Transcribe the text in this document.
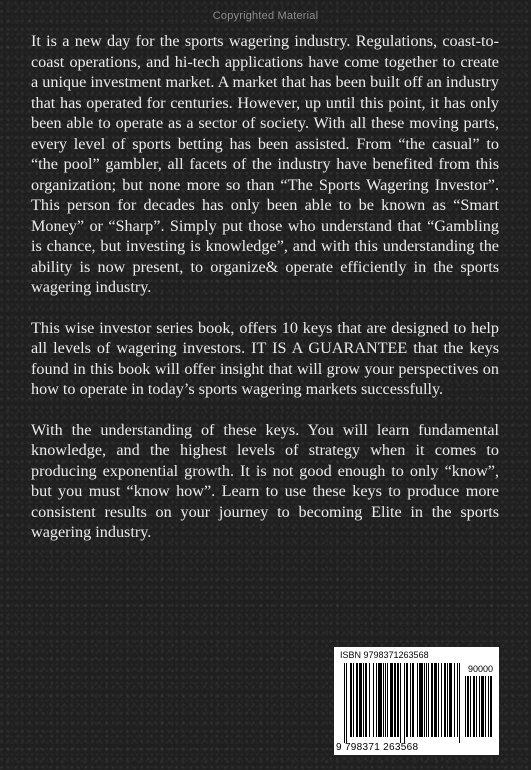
Copyrighted Material

It is a new day for the sports wagering industry. Regulations, coast-to-coast operations, and hi-tech applications have come together to create a unique investment market. A market that has been built off an industry that has operated for centuries. However, up until this point, it has only been able to operate as a sector of society. With all these moving parts, every level of sports betting has been assisted. From “the casual” to “the pool” gambler, all facets of the industry have benefited from this organization; but none more so than “The Sports Wagering Investor”. This person for decades has only been able to be known as “Smart Money” or “Sharp”. Simply put those who understand that “Gambling is chance, but investing is knowledge”, and with this understanding the ability is now present, to organize& operate efficiently in the sports wagering industry.

This wise investor series book, offers 10 keys that are designed to help all levels of wagering investors. IT IS A GUARANTEE that the keys found in this book will offer insight that will grow your perspectives on how to operate in today’s sports wagering markets successfully.

With the understanding of these keys. You will learn fundamental knowledge, and the highest levels of strategy when it comes to producing exponential growth. It is not good enough to only “know”, but you must “know how”. Learn to use these keys to produce more consistent results on your journey to becoming Elite in the sports wagering industry.

ISBN 9798371263568
90000
9 798371 263568
